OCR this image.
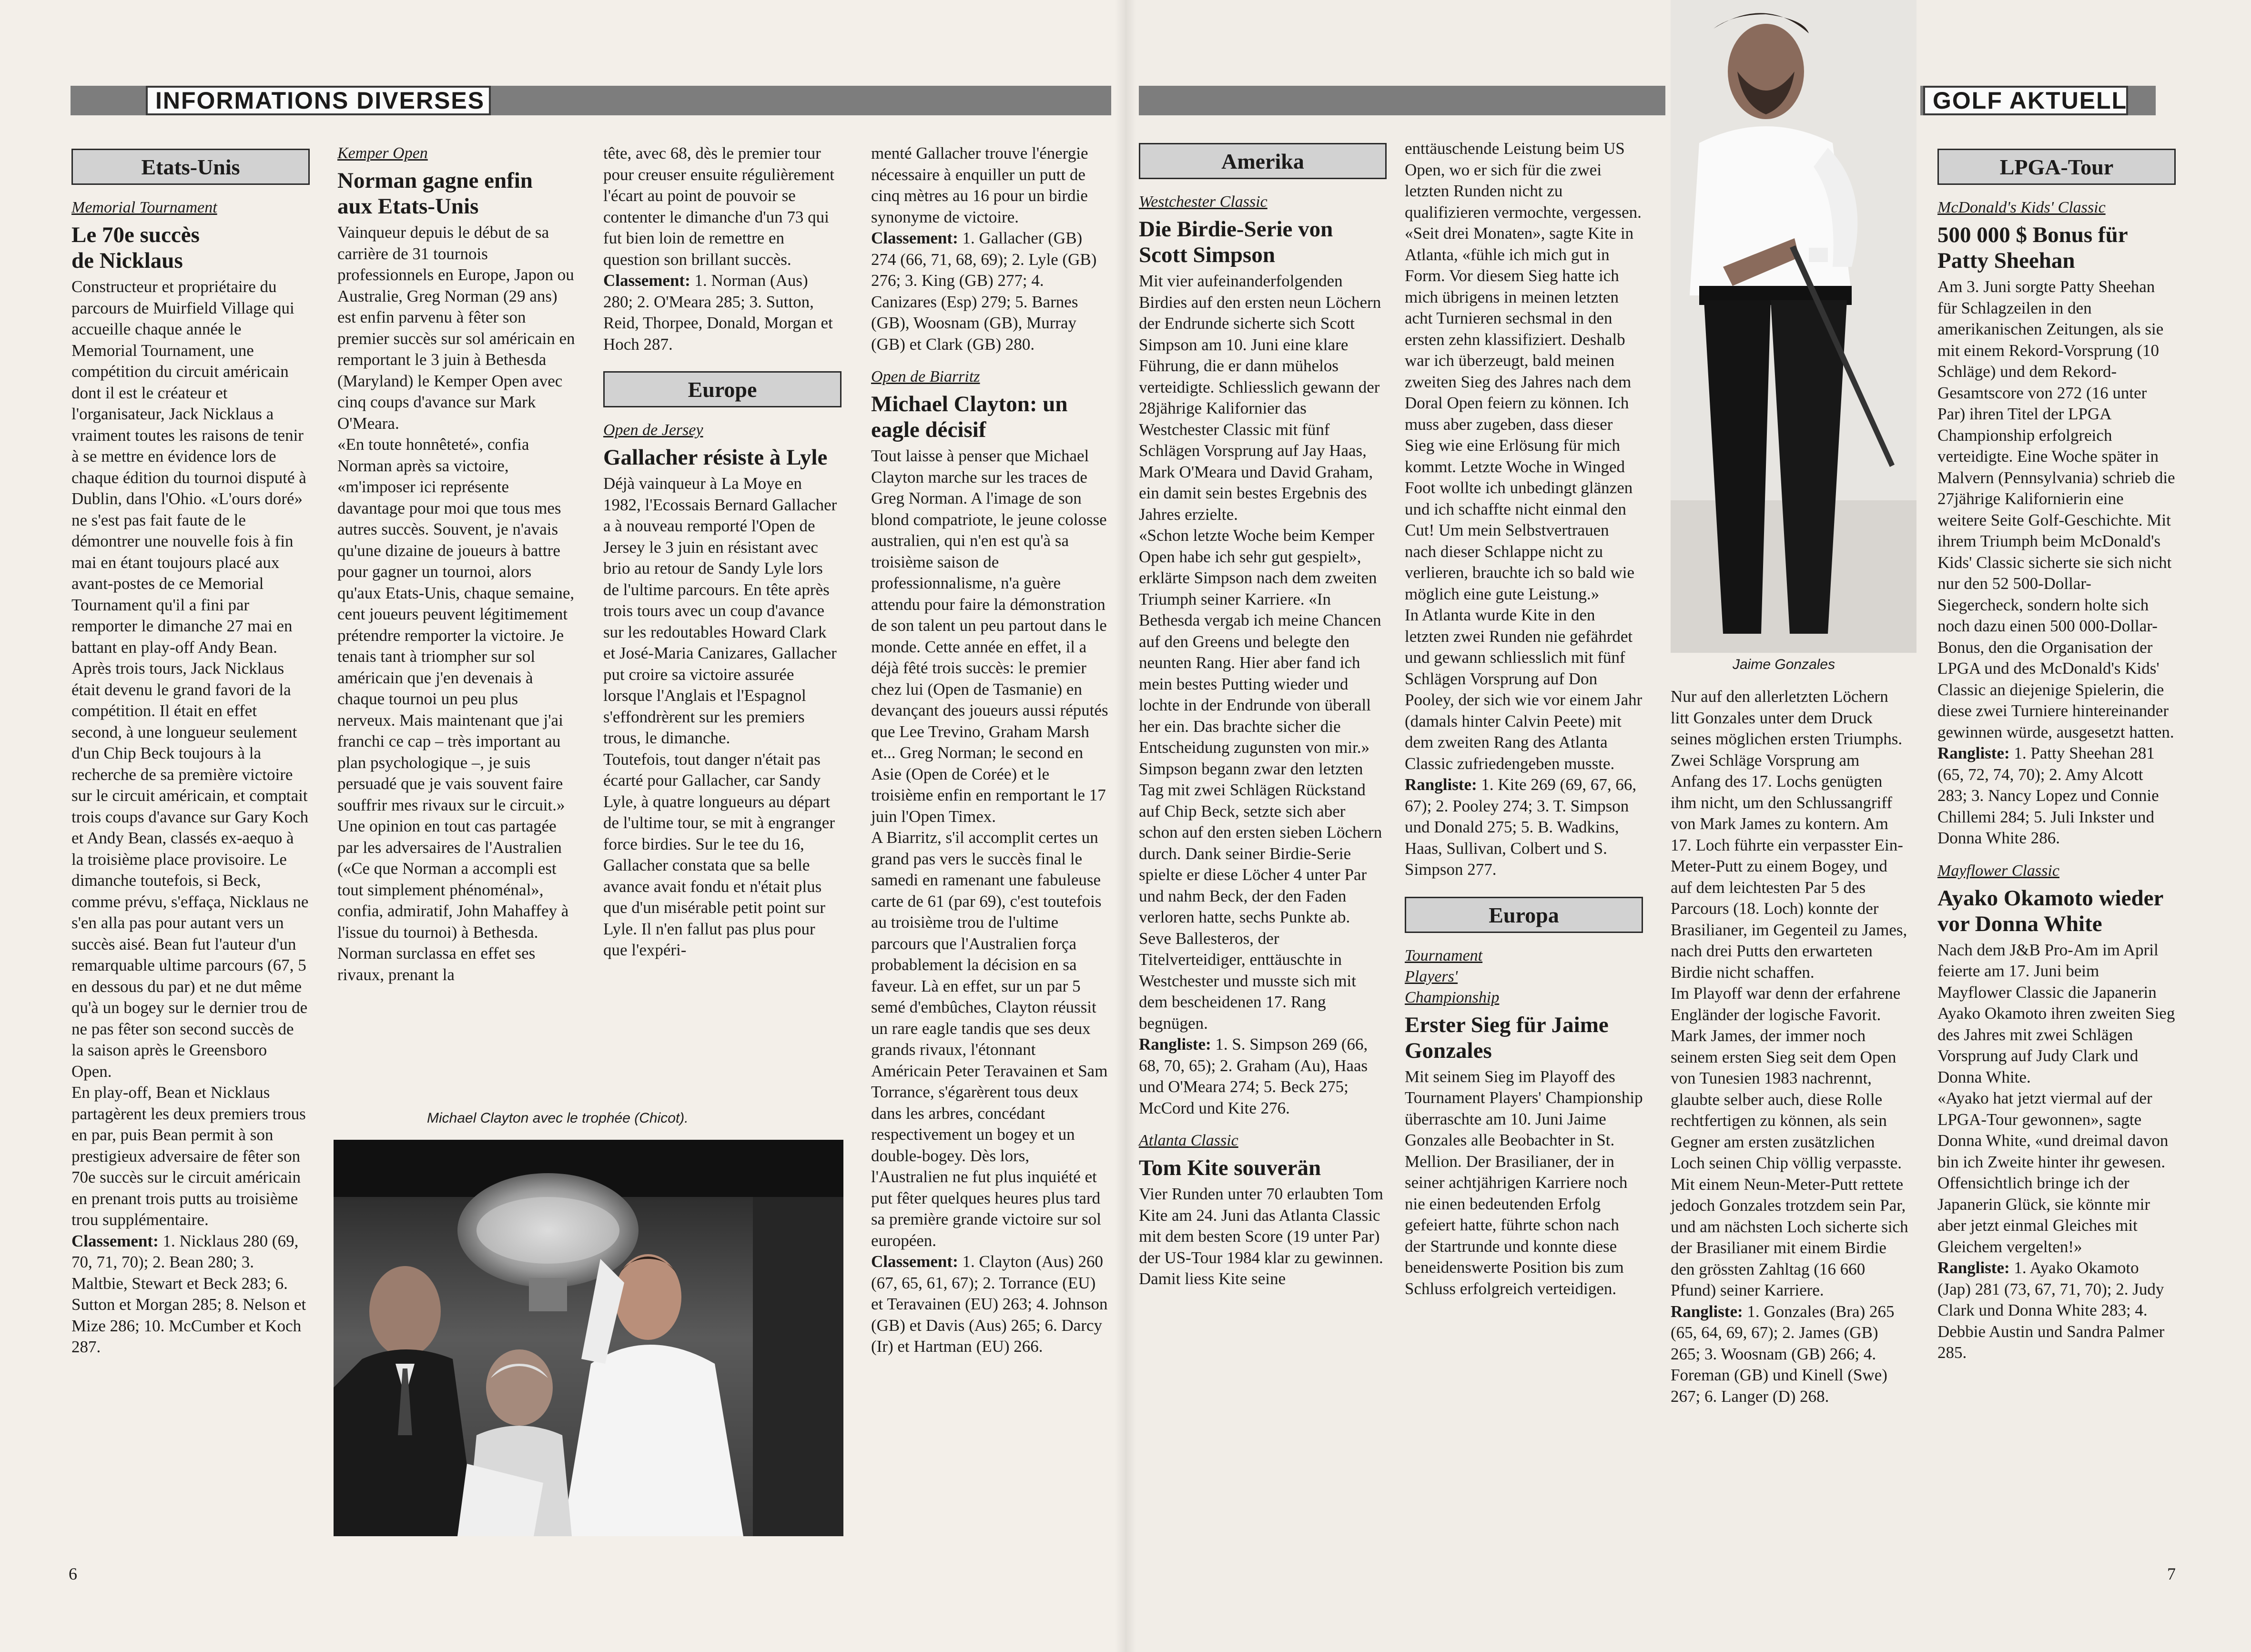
INFORMATIONS DIVERSES	GOLF AKTUELL
Etats-Unis
Memorial Tournament
Le 70e succès de Nicklaus

Constructeur et propriétaire du parcours de Muirfield Village qui accueille chaque année le Memorial Tournament, une compétition du circuit américain dont il est le créateur et l'organisateur, Jack Nicklaus a vraiment toutes les raisons de tenir à se mettre en évidence lors de chaque édition du tournoi disputé à Dublin, dans l'Ohio. «L'ours doré» ne s'est pas fait faute de le démontrer une nouvelle fois à fin mai en étant toujours placé aux avant-postes de ce Memorial Tournament qu'il a fini par remporter le dimanche 27 mai en battant en play-off Andy Bean.

Après trois tours, Jack Nicklaus était devenu le grand favori de la compétition. Il était en effet second, à une longueur seulement d'un Chip Beck toujours à la recherche de sa première victoire sur le circuit américain, et comptait trois coups d'avance sur Gary Koch et Andy Bean, classés ex-aequo à la troisième place provisoire. Le dimanche toutefois, si Beck, comme prévu, s'effaça, Nicklaus ne s'en alla pas pour autant vers un succès aisé. Bean fut l'auteur d'un remarquable ultime parcours (67, 5 en dessous du par) et ne dut même qu'à un bogey sur le dernier trou de ne pas fêter son second succès de la saison après le Greensboro Open.

En play-off, Bean et Nicklaus partagèrent les deux premiers trous en par, puis Bean permit à son prestigieux adversaire de fêter son 70e succès sur le circuit américain en prenant trois putts au troisième trou supplémentaire.

Classement: 1. Nicklaus 280 (69, 70, 71, 70); 2. Bean 280; 3. Maltbie, Stewart et Beck 283; 6. Sutton et Morgan 285; 8. Nelson et Mize 286; 10. McCumber et Koch 287.

Kemper Open
Norman gagne enfin aux Etats-Unis

Vainqueur depuis le début de sa carrière de 31 tournois professionnels en Europe, Japon ou Australie, Greg Norman (29 ans) est enfin parvenu à fêter son premier succès sur sol américain en remportant le 3 juin à Bethesda (Maryland) le Kemper Open avec cinq coups d'avance sur Mark O'Meara.

«En toute honnêteté», confia Norman après sa victoire, «m'imposer ici représente davantage pour moi que tous mes autres succès. Souvent, je n'avais qu'une dizaine de joueurs à battre pour gagner un tournoi, alors qu'aux Etats-Unis, chaque semaine, cent joueurs peuvent légitimement prétendre remporter la victoire. Je tenais tant à triompher sur sol américain que j'en devenais à chaque tournoi un peu plus nerveux. Mais maintenant que j'ai franchi ce cap – très important au plan psychologique –, je suis persuadé que je vais souvent faire souffrir mes rivaux sur le circuit.»

Une opinion en tout cas partagée par les adversaires de l'Australien («Ce que Norman a accompli est tout simplement phénoménal», confia, admiratif, John Mahaffey à l'issue du tournoi) à Bethesda. Norman surclassa en effet ses rivaux, prenant la

tête, avec 68, dès le premier tour pour creuser ensuite régulièrement l'écart au point de pouvoir se contenter le dimanche d'un 73 qui fut bien loin de remettre en question son brillant succès.

Classement: 1. Norman (Aus) 280; 2. O'Meara 285; 3. Sutton, Reid, Thorpee, Donald, Morgan et Hoch 287.

Europe
Open de Jersey
Gallacher résiste à Lyle

Déjà vainqueur à La Moye en 1982, l'Ecossais Bernard Gallacher a à nouveau remporté l'Open de Jersey le 3 juin en résistant avec brio au retour de Sandy Lyle lors de l'ultime parcours. En tête après trois tours avec un coup d'avance sur les redoutables Howard Clark et José-Maria Canizares, Gallacher put croire sa victoire assurée lorsque l'Anglais et l'Espagnol s'effondrèrent sur les premiers trous, le dimanche.

Toutefois, tout danger n'était pas écarté pour Gallacher, car Sandy Lyle, à quatre longueurs au départ de l'ultime tour, se mit à engranger force birdies. Sur le tee du 16, Gallacher constata que sa belle avance avait fondu et n'était plus que d'un misérable petit point sur Lyle. Il n'en fallut pas plus pour que l'expéri-

menté Gallacher trouve l'énergie nécessaire à enquiller un putt de cinq mètres au 16 pour un birdie synonyme de victoire.

Classement: 1. Gallacher (GB) 274 (66, 71, 68, 69); 2. Lyle (GB) 276; 3. King (GB) 277; 4. Canizares (Esp) 279; 5. Barnes (GB), Woosnam (GB), Murray (GB) et Clark (GB) 280.

Open de Biarritz
Michael Clayton: un eagle décisif

Tout laisse à penser que Michael Clayton marche sur les traces de Greg Norman. A l'image de son blond compatriote, le jeune colosse australien, qui n'en est qu'à sa troisième saison de professionnalisme, n'a guère attendu pour faire la démonstration de son talent un peu partout dans le monde. Cette année en effet, il a déjà fêté trois succès: le premier chez lui (Open de Tasmanie) en devançant des joueurs aussi réputés que Lee Trevino, Graham Marsh et... Greg Norman; le second en Asie (Open de Corée) et le troisième enfin en remportant le 17 juin l'Open Timex.

A Biarritz, s'il accomplit certes un grand pas vers le succès final le samedi en ramenant une fabuleuse carte de 61 (par 69), c'est toutefois au troisième trou de l'ultime parcours que l'Australien força probablement la décision en sa faveur. Là en effet, sur un par 5 semé d'embûches, Clayton réussit un rare eagle tandis que ses deux grands rivaux, l'étonnant Américain Peter Teravainen et Sam Torrance, s'égarèrent tous deux dans les arbres, concédant respectivement un bogey et un double-bogey. Dès lors, l'Australien ne fut plus inquiété et put fêter quelques heures plus tard sa première grande victoire sur sol européen.

Classement: 1. Clayton (Aus) 260 (67, 65, 61, 67); 2. Torrance (EU) et Teravainen (EU) 263; 4. Johnson (GB) et Davis (Aus) 265; 6. Darcy (Ir) et Hartman (EU) 266.

Michael Clayton avec le trophée (Chicot).
6
Amerika
Westchester Classic
Die Birdie-Serie von Scott Simpson

Mit vier aufeinanderfolgenden Birdies auf den ersten neun Löchern der Endrunde sicherte sich Scott Simpson am 10. Juni eine klare Führung, die er dann mühelos verteidigte. Schliesslich gewann der 28jährige Kalifornier das Westchester Classic mit fünf Schlägen Vorsprung auf Jay Haas, Mark O'Meara und David Graham, ein damit sein bestes Ergebnis des Jahres erzielte.

«Schon letzte Woche beim Kemper Open habe ich sehr gut gespielt», erklärte Simpson nach dem zweiten Triumph seiner Karriere. «In Bethesda vergab ich meine Chancen auf den Greens und belegte den neunten Rang. Hier aber fand ich mein bestes Putting wieder und lochte in der Endrunde von überall her ein. Das brachte sicher die Entscheidung zugunsten von mir.»

Simpson begann zwar den letzten Tag mit zwei Schlägen Rückstand auf Chip Beck, setzte sich aber schon auf den ersten sieben Löchern durch. Dank seiner Birdie-Serie spielte er diese Löcher 4 unter Par und nahm Beck, der den Faden verloren hatte, sechs Punkte ab.

Seve Ballesteros, der Titelverteidiger, enttäuschte in Westchester und musste sich mit dem bescheidenen 17. Rang begnügen.

Rangliste: 1. S. Simpson 269 (66, 68, 70, 65); 2. Graham (Au), Haas und O'Meara 274; 5. Beck 275; McCord und Kite 276.

Atlanta Classic
Tom Kite souverän

Vier Runden unter 70 erlaubten Tom Kite am 24. Juni das Atlanta Classic mit dem besten Score (19 unter Par) der US-Tour 1984 klar zu gewinnen. Damit liess Kite seine

enttäuschende Leistung beim US Open, wo er sich für die zwei letzten Runden nicht zu qualifizieren vermochte, vergessen.

«Seit drei Monaten», sagte Kite in Atlanta, «fühle ich mich gut in Form. Vor diesem Sieg hatte ich mich übrigens in meinen letzten acht Turnieren sechsmal in den ersten zehn klassifiziert. Deshalb war ich überzeugt, bald meinen zweiten Sieg des Jahres nach dem Doral Open feiern zu können. Ich muss aber zugeben, dass dieser Sieg wie eine Erlösung für mich kommt. Letzte Woche in Winged Foot wollte ich unbedingt glänzen und ich schaffte nicht einmal den Cut! Um mein Selbstvertrauen nach dieser Schlappe nicht zu verlieren, brauchte ich so bald wie möglich eine gute Leistung.»

In Atlanta wurde Kite in den letzten zwei Runden nie gefährdet und gewann schliesslich mit fünf Schlägen Vorsprung auf Don Pooley, der sich wie vor einem Jahr (damals hinter Calvin Peete) mit dem zweiten Rang des Atlanta Classic zufriedengeben musste.

Rangliste: 1. Kite 269 (69, 67, 66, 67); 2. Pooley 274; 3. T. Simpson und Donald 275; 5. B. Wadkins, Haas, Sullivan, Colbert und S. Simpson 277.

Europa
Tournament Players' Championship
Erster Sieg für Jaime Gonzales

Mit seinem Sieg im Playoff des Tournament Players' Championship überraschte am 10. Juni Jaime Gonzales alle Beobachter in St. Mellion. Der Brasilianer, der in seiner achtjährigen Karriere noch nie einen bedeutenden Erfolg gefeiert hatte, führte schon nach der Startrunde und konnte diese beneidenswerte Position bis zum Schluss erfolgreich verteidigen.

Jaime Gonzales

Nur auf den allerletzten Löchern litt Gonzales unter dem Druck seines möglichen ersten Triumphs. Zwei Schläge Vorsprung am Anfang des 17. Lochs genügten ihm nicht, um den Schlussangriff von Mark James zu kontern. Am 17. Loch führte ein verpasster Ein-Meter-Putt zu einem Bogey, und auf dem leichtesten Par 5 des Parcours (18. Loch) konnte der Brasilianer, im Gegenteil zu James, nach drei Putts den erwarteten Birdie nicht schaffen.

Im Playoff war denn der erfahrene Engländer der logische Favorit. Mark James, der immer noch seinem ersten Sieg seit dem Open von Tunesien 1983 nachrennt, glaubte selber auch, diese Rolle rechtfertigen zu können, als sein Gegner am ersten zusätzlichen Loch seinen Chip völlig verpasste. Mit einem Neun-Meter-Putt rettete jedoch Gonzales trotzdem sein Par, und am nächsten Loch sicherte sich der Brasilianer mit einem Birdie den grössten Zahltag (16 660 Pfund) seiner Karriere.

Rangliste: 1. Gonzales (Bra) 265 (65, 64, 69, 67); 2. James (GB) 265; 3. Woosnam (GB) 266; 4. Foreman (GB) und Kinell (Swe) 267; 6. Langer (D) 268.

LPGA-Tour
McDonald's Kids' Classic
500 000 $ Bonus für Patty Sheehan

Am 3. Juni sorgte Patty Sheehan für Schlagzeilen in den amerikanischen Zeitungen, als sie mit einem Rekord-Vorsprung (10 Schläge) und dem Rekord-Gesamtscore von 272 (16 unter Par) ihren Titel der LPGA Championship erfolgreich verteidigte. Eine Woche später in Malvern (Pennsylvania) schrieb die 27jährige Kalifornierin eine weitere Seite Golf-Geschichte. Mit ihrem Triumph beim McDonald's Kids' Classic sicherte sie sich nicht nur den 52 500-Dollar-Siegercheck, sondern holte sich noch dazu einen 500 000-Dollar-Bonus, den die Organisation der LPGA und des McDonald's Kids' Classic an diejenige Spielerin, die diese zwei Turniere hintereinander gewinnen würde, ausgesetzt hatten.

Rangliste: 1. Patty Sheehan 281 (65, 72, 74, 70); 2. Amy Alcott 283; 3. Nancy Lopez und Connie Chillemi 284; 5. Juli Inkster und Donna White 286.

Mayflower Classic
Ayako Okamoto wieder vor Donna White

Nach dem J&B Pro-Am im April feierte am 17. Juni beim Mayflower Classic die Japanerin Ayako Okamoto ihren zweiten Sieg des Jahres mit zwei Schlägen Vorsprung auf Judy Clark und Donna White.

«Ayako hat jetzt viermal auf der LPGA-Tour gewonnen», sagte Donna White, «und dreimal davon bin ich Zweite hinter ihr gewesen. Offensichtlich bringe ich der Japanerin Glück, sie könnte mir aber jetzt einmal Gleiches mit Gleichem vergelten!»

Rangliste: 1. Ayako Okamoto (Jap) 281 (73, 67, 71, 70); 2. Judy Clark und Donna White 283; 4. Debbie Austin und Sandra Palmer 285.

7
